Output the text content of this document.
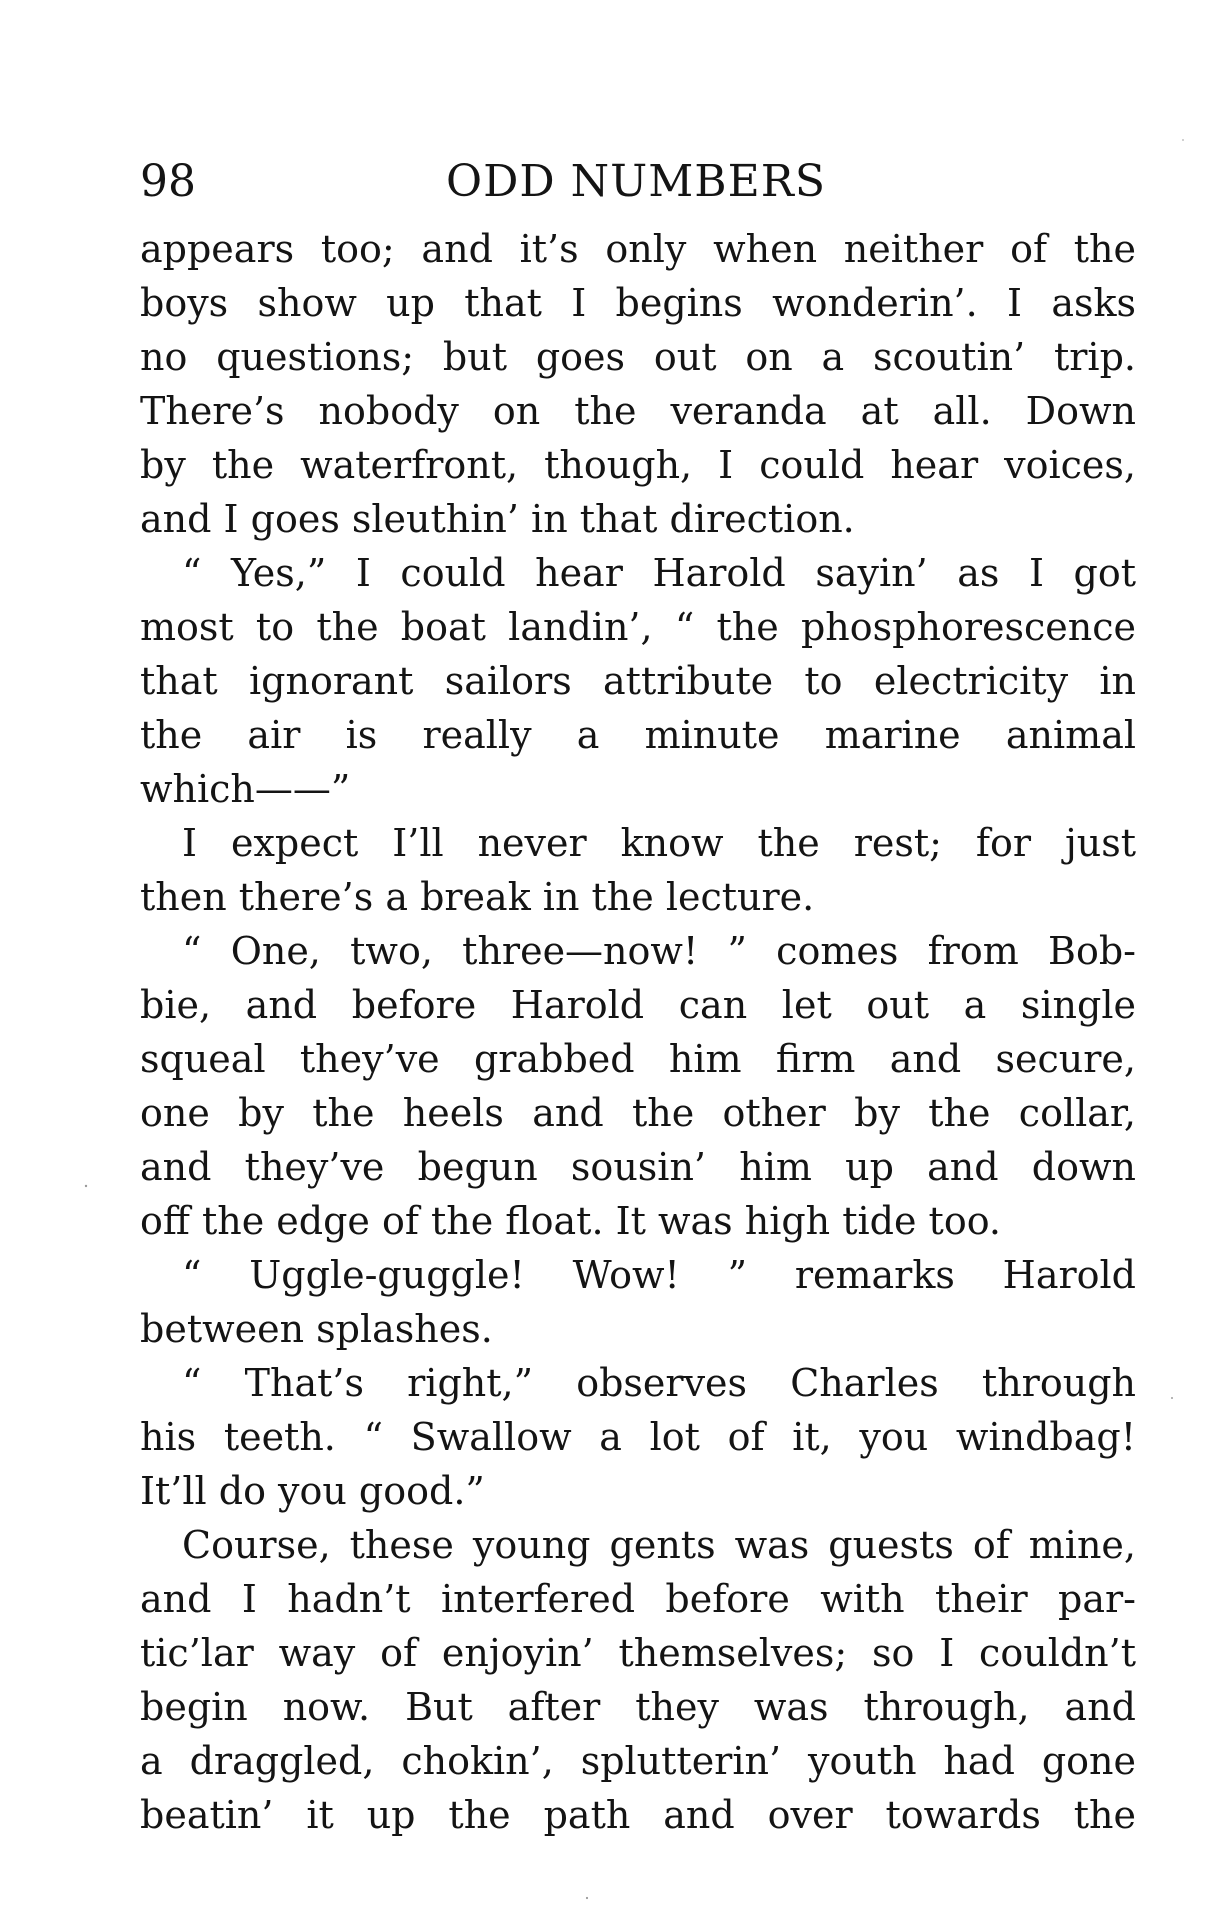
98	ODD NUMBERS

appears too; and it’s only when neither of the
boys show up that I begins wonderin’. I asks
no questions; but goes out on a scoutin’ trip.
There’s nobody on the veranda at all. Down
by the waterfront, though, I could hear voices,
and I goes sleuthin’ in that direction.

“ Yes,” I could hear Harold sayin’ as I got
most to the boat landin’, “ the phosphorescence
that ignorant sailors attribute to electricity in
the air is really a minute marine animal
which——”

I expect I’ll never know the rest; for just
then there’s a break in the lecture.

“ One, two, three—now! ” comes from Bob-
bie, and before Harold can let out a single
squeal they’ve grabbed him firm and secure,
one by the heels and the other by the collar,
and they’ve begun sousin’ him up and down
off the edge of the float. It was high tide too.

“ Uggle-guggle! Wow! ” remarks Harold
between splashes.

“ That’s right,” observes Charles through
his teeth. “ Swallow a lot of it, you windbag!
It’ll do you good.”

Course, these young gents was guests of mine,
and I hadn’t interfered before with their par-
tic’lar way of enjoyin’ themselves; so I couldn’t
begin now. But after they was through, and
a draggled, chokin’, splutterin’ youth had gone
beatin’ it up the path and over towards the
